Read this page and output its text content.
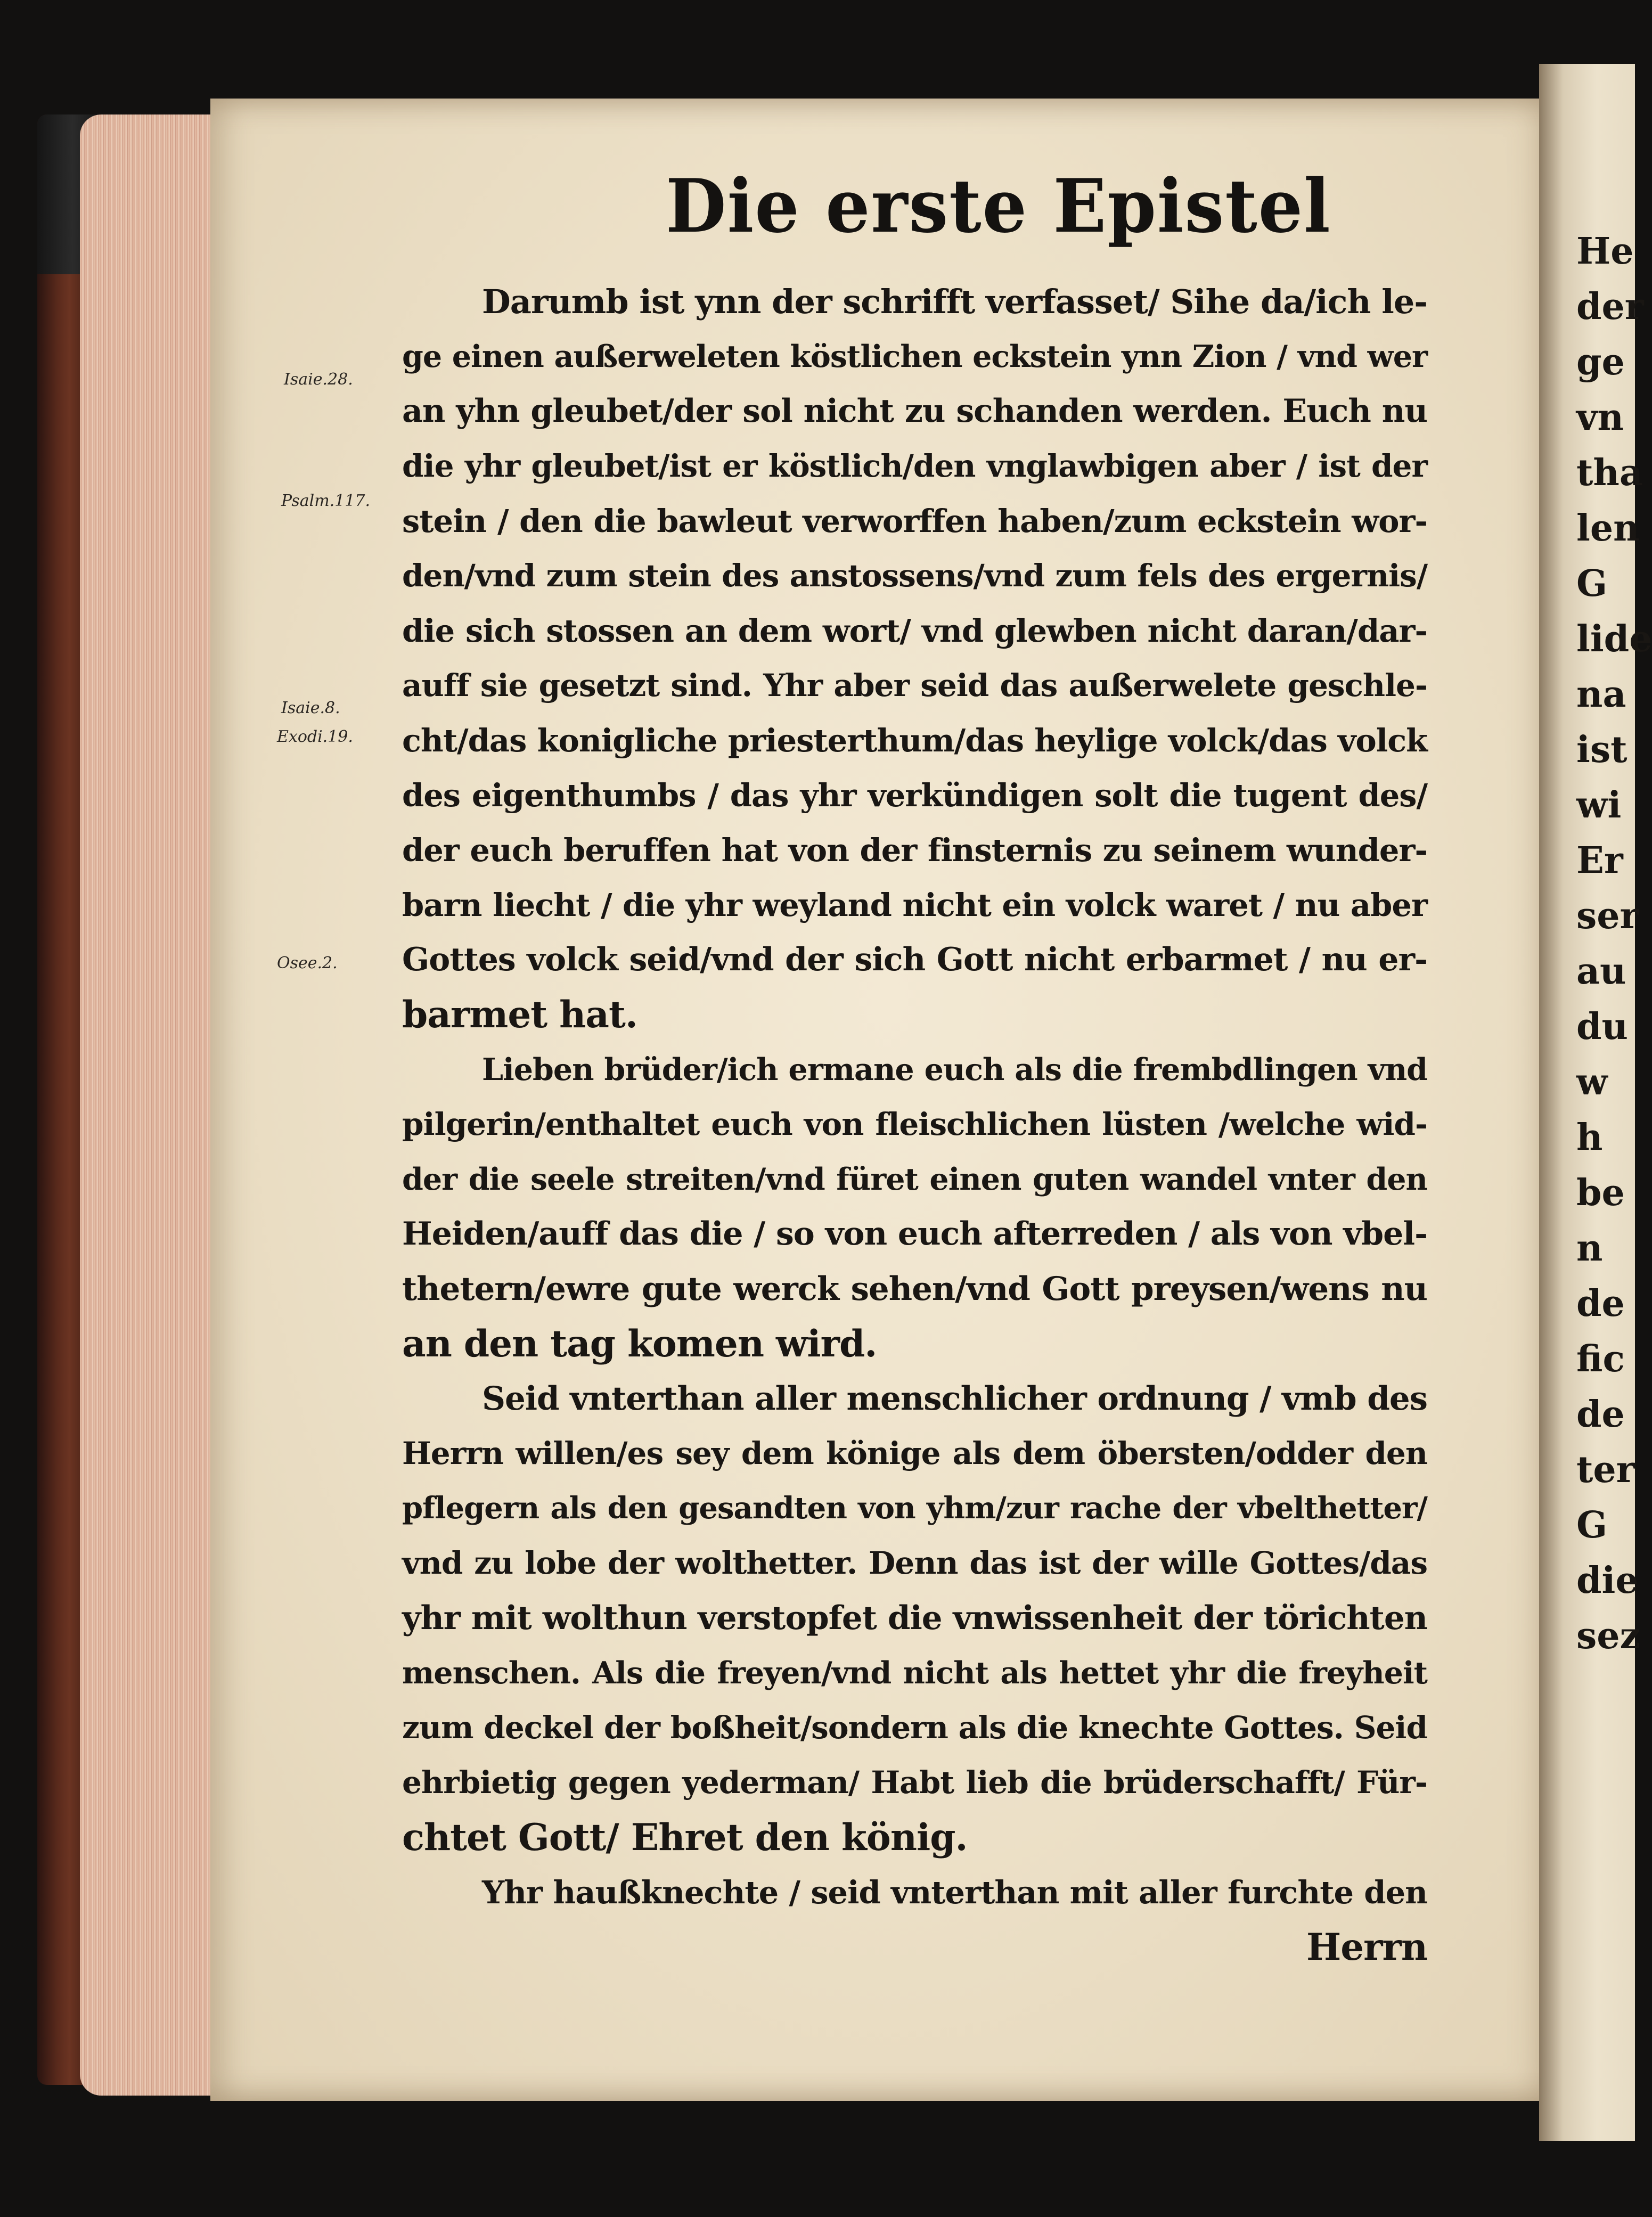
He
der
ge
vn
tha
len
G
lide
na
ist
wi
Er
ser
au
du
w
h
be
n
de
fic
de
ter
G
die
sez
Die erste Epistel
Isaie.28.
Psalm.117.
Isaie.8.
Exodi.19.
Osee.2.
Darumb ist ynn der schrifft verfasset/ Sihe da/ich le-
ge einen außerweleten köstlichen eckstein ynn Zion / vnd wer
an yhn gleubet/der sol nicht zu schanden werden. Euch nu
die yhr gleubet/ist er köstlich/den vnglawbigen aber / ist der
stein / den die bawleut verworffen haben/zum eckstein wor-
den/vnd zum stein des anstossens/vnd zum fels des ergernis/
die sich stossen an dem wort/ vnd glewben nicht daran/dar-
auff sie gesetzt sind. Yhr aber seid das außerwelete geschle-
cht/das konigliche priesterthum/das heylige volck/das volck
des eigenthumbs / das yhr verkündigen solt die tugent des/
der euch beruffen hat von der finsternis zu seinem wunder-
barn liecht / die yhr weyland nicht ein volck waret / nu aber
Gottes volck seid/vnd der sich Gott nicht erbarmet / nu er-
barmet hat.
Lieben brüder/ich ermane euch als die frembdlingen vnd
pilgerin/enthaltet euch von fleischlichen lüsten /welche wid-
der die seele streiten/vnd füret einen guten wandel vnter den
Heiden/auff das die / so von euch afterreden / als von vbel-
thetern/ewre gute werck sehen/vnd Gott preysen/wens nu
an den tag komen wird.
Seid vnterthan aller menschlicher ordnung / vmb des
Herrn willen/es sey dem könige als dem öbersten/odder den
pflegern als den gesandten von yhm/zur rache der vbelthetter/
vnd zu lobe der wolthetter. Denn das ist der wille Gottes/das
yhr mit wolthun verstopfet die vnwissenheit der törichten
menschen. Als die freyen/vnd nicht als hettet yhr die freyheit
zum deckel der boßheit/sondern als die knechte Gottes. Seid
ehrbietig gegen yederman/ Habt lieb die brüderschafft/ Für-
chtet Gott/ Ehret den könig.
Yhr haußknechte / seid vnterthan mit aller furchte den
Herrn
